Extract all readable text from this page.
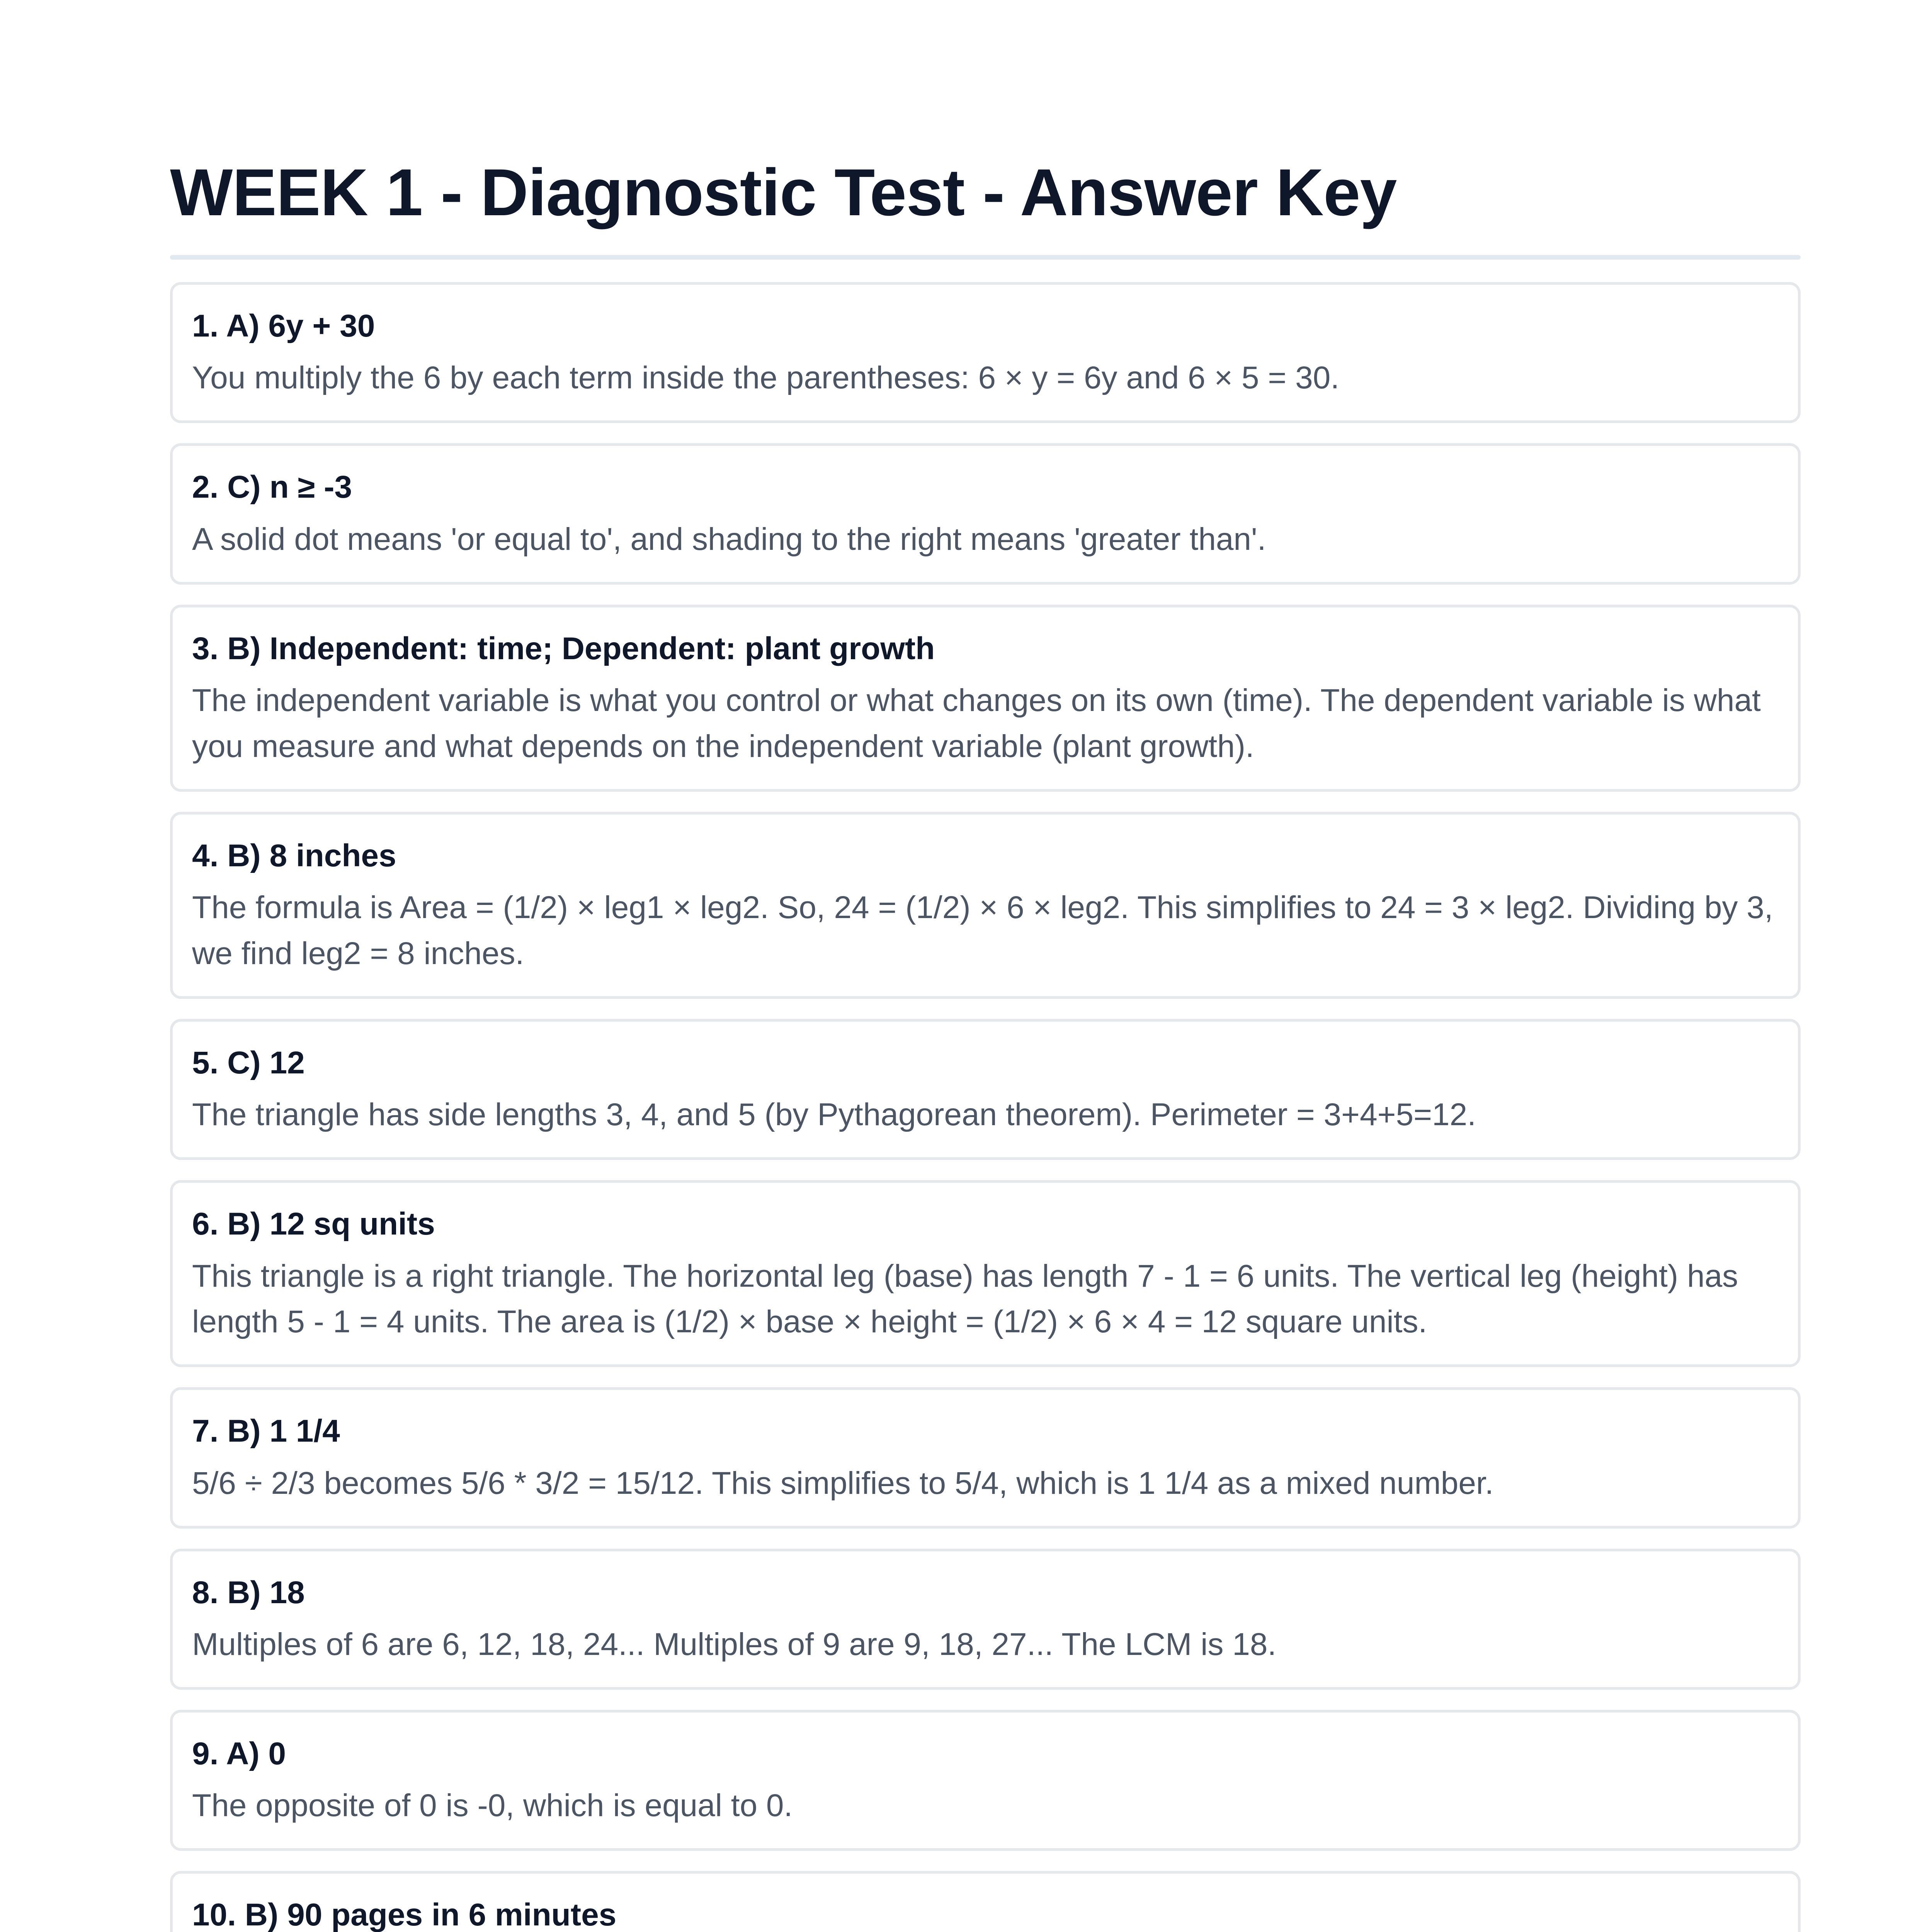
WEEK 1 - Diagnostic Test - Answer Key

1. A) 6y + 30

You multiply the 6 by each term inside the parentheses: 6 × y = 6y and 6 × 5 = 30.

2. C) n ≥ -3

A solid dot means 'or equal to', and shading to the right means 'greater than'.

3. B) Independent: time; Dependent: plant growth

The independent variable is what you control or what changes on its own (time). The dependent variable is what you measure and what depends on the independent variable (plant growth).

4. B) 8 inches

The formula is Area = (1/2) × leg1 × leg2. So, 24 = (1/2) × 6 × leg2. This simplifies to 24 = 3 × leg2. Dividing by 3, we find leg2 = 8 inches.

5. C) 12

The triangle has side lengths 3, 4, and 5 (by Pythagorean theorem). Perimeter = 3+4+5=12.

6. B) 12 sq units

This triangle is a right triangle. The horizontal leg (base) has length 7 - 1 = 6 units. The vertical leg (height) has length 5 - 1 = 4 units. The area is (1/2) × base × height = (1/2) × 6 × 4 = 12 square units.

7. B) 1 1/4

5/6 ÷ 2/3 becomes 5/6 * 3/2 = 15/12. This simplifies to 5/4, which is 1 1/4 as a mixed number.

8. B) 18

Multiples of 6 are 6, 12, 18, 24... Multiples of 9 are 9, 18, 27... The LCM is 18.

9. A) 0

The opposite of 0 is -0, which is equal to 0.

10. B) 90 pages in 6 minutes
